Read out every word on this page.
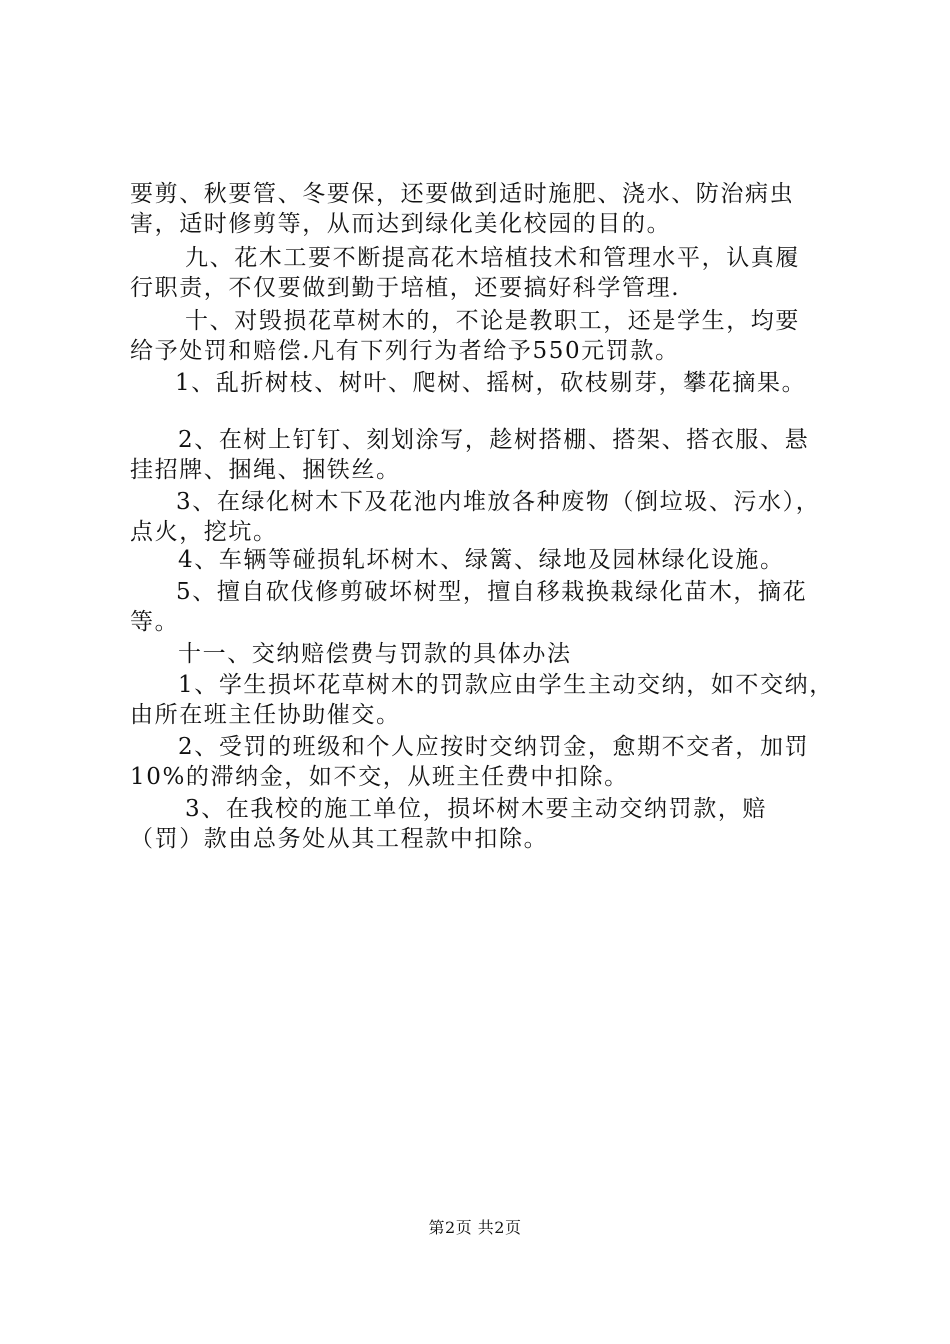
要剪、秋要管、冬要保，还要做到适时施肥、浇水、防治病虫
害，适时修剪等，从而达到绿化美化校园的目的。
九、花木工要不断提高花木培植技术和管理水平，认真履
行职责，不仅要做到勤于培植，还要搞好科学管理.
十、对毁损花草树木的，不论是教职工，还是学生，均要
给予处罚和赔偿.凡有下列行为者给予550元罚款。
1、乱折树枝、树叶、爬树、摇树，砍枝剔芽，攀花摘果。
2、在树上钉钉、刻划涂写，趁树搭棚、搭架、搭衣服、悬
挂招牌、捆绳、捆铁丝。
3、在绿化树木下及花池内堆放各种废物（倒垃圾、污水），
点火，挖坑。
4、车辆等碰损轧坏树木、绿篱、绿地及园林绿化设施。
5、擅自砍伐修剪破坏树型，擅自移栽换栽绿化苗木，摘花
等。
十一、交纳赔偿费与罚款的具体办法
1、学生损坏花草树木的罚款应由学生主动交纳，如不交纳，
由所在班主任协助催交。
2、受罚的班级和个人应按时交纳罚金，愈期不交者，加罚
10%的滞纳金，如不交，从班主任费中扣除。
3、在我校的施工单位，损坏树木要主动交纳罚款，赔
（罚）款由总务处从其工程款中扣除。
第2页 共2页
